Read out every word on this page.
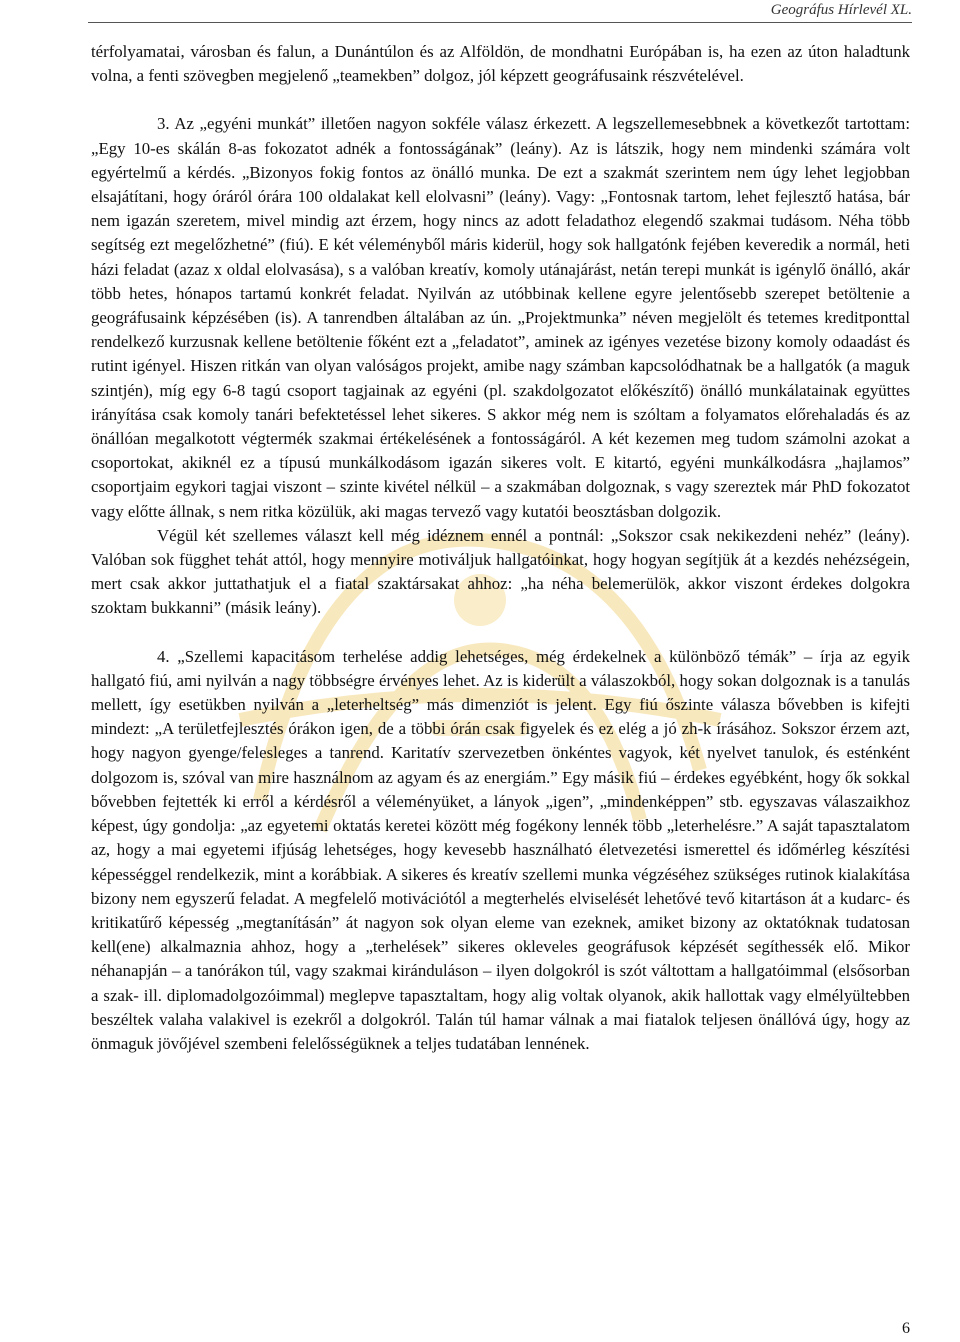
Geográfus Hírlevél XL.

térfolyamatai, városban és falun, a Dunántúlon és az Alföldön, de mondhatni Európában is, ha ezen az úton haladtunk volna, a fenti szövegben megjelenő „teamekben” dolgoz, jól képzett geográfusaink részvételével.

3. Az „egyéni munkát” illetően nagyon sokféle válasz érkezett. A legszellemesebbnek a következőt tartottam: „Egy 10-es skálán 8-as fokozatot adnék a fontosságának” (leány). Az is látszik, hogy nem mindenki számára volt egyértelmű a kérdés. „Bizonyos fokig fontos az önálló munka. De ezt a szakmát szerintem nem úgy lehet legjobban elsajátítani, hogy óráról órára 100 oldalakat kell elolvasni” (leány). Vagy: „Fontosnak tartom, lehet fejlesztő hatása, bár nem igazán szeretem, mivel mindig azt érzem, hogy nincs az adott feladathoz elegendő szakmai tudásom. Néha több segítség ezt megelőzhetné” (fiú). E két véleményből máris kiderül, hogy sok hallgatónk fejében keveredik a normál, heti házi feladat (azaz x oldal elolvasása), s a valóban kreatív, komoly utánajárást, netán terepi munkát is igénylő önálló, akár több hetes, hónapos tartamú konkrét feladat. Nyilván az utóbbinak kellene egyre jelentősebb szerepet betöltenie a geográfusaink képzésében (is). A tanrendben általában az ún. „Projektmunka” néven megjelölt és tetemes kreditponttal rendelkező kurzusnak kellene betöltenie főként ezt a „feladatot”, aminek az igényes vezetése bizony komoly odaadást és rutint igényel. Hiszen ritkán van olyan valóságos projekt, amibe nagy számban kapcsolódhatnak be a hallgatók (a maguk szintjén), míg egy 6-8 tagú csoport tagjainak az egyéni (pl. szakdolgozatot előkészítő) önálló munkálatainak együttes irányítása csak komoly tanári befektetéssel lehet sikeres. S akkor még nem is szóltam a folyamatos előrehaladás és az önállóan megalkotott végtermék szakmai értékelésének a fontosságáról. A két kezemen meg tudom számolni azokat a csoportokat, akiknél ez a típusú munkálkodásom igazán sikeres volt. E kitartó, egyéni munkálkodásra „hajlamos” csoportjaim egykori tagjai viszont – szinte kivétel nélkül – a szakmában dolgoznak, s vagy szereztek már PhD fokozatot vagy előtte állnak, s nem ritka közülük, aki magas tervező vagy kutatói beosztásban dolgozik.

Végül két szellemes választ kell még idéznem ennél a pontnál: „Sokszor csak nekikezdeni nehéz” (leány). Valóban sok függhet tehát attól, hogy mennyire motiváljuk hallgatóinkat, hogy hogyan segítjük át a kezdés nehézségein, mert csak akkor juttathatjuk el a fiatal szaktársakat ahhoz: „ha néha belemerülök, akkor viszont érdekes dolgokra szoktam bukkanni” (másik leány).

4. „Szellemi kapacitásom terhelése addig lehetséges, még érdekelnek a különböző témák” – írja az egyik hallgató fiú, ami nyilván a nagy többségre érvényes lehet. Az is kiderült a válaszokból, hogy sokan dolgoznak is a tanulás mellett, így esetükben nyilván a „leterheltség” más dimenziót is jelent. Egy fiú őszinte válasza bővebben is kifejti mindezt: „A területfejlesztés órákon igen, de a többi órán csak figyelek és ez elég a jó zh-k írásához. Sokszor érzem azt, hogy nagyon gyenge/felesleges a tanrend. Karitatív szervezetben önkéntes vagyok, két nyelvet tanulok, és esténként dolgozom is, szóval van mire használnom az agyam és az energiám.” Egy másik fiú – érdekes egyébként, hogy ők sokkal bővebben fejtették ki erről a kérdésről a véleményüket, a lányok „igen”, „mindenképpen” stb. egyszavas válaszaikhoz képest, úgy gondolja: „az egyetemi oktatás keretei között még fogékony lennék több „leterhelésre.” A saját tapasztalatom az, hogy a mai egyetemi ifjúság lehetséges, hogy kevesebb használható életvezetési ismerettel és időmérleg készítési képességgel rendelkezik, mint a korábbiak. A sikeres és kreatív szellemi munka végzéséhez szükséges rutinok kialakítása bizony nem egyszerű feladat. A megfelelő motivációtól a megterhelés elviselését lehetővé tevő kitartáson át a kudarc- és kritikatűrő képesség „megtanításán” át nagyon sok olyan eleme van ezeknek, amiket bizony az oktatóknak tudatosan kell(ene) alkalmaznia ahhoz, hogy a „terhelések” sikeres okleveles geográfusok képzését segíthessék elő. Mikor néhanapján – a tanórákon túl, vagy szakmai kiránduláson – ilyen dolgokról is szót váltottam a hallgatóimmal (elsősorban a szak- ill. diplomadolgozóimmal) meglepve tapasztaltam, hogy alig voltak olyanok, akik hallottak vagy elmélyültebben beszéltek valaha valakivel is ezekről a dolgokról. Talán túl hamar válnak a mai fiatalok teljesen önállóvá úgy, hogy az önmaguk jövőjével szembeni felelősségüknek a teljes tudatában lennének.

6
